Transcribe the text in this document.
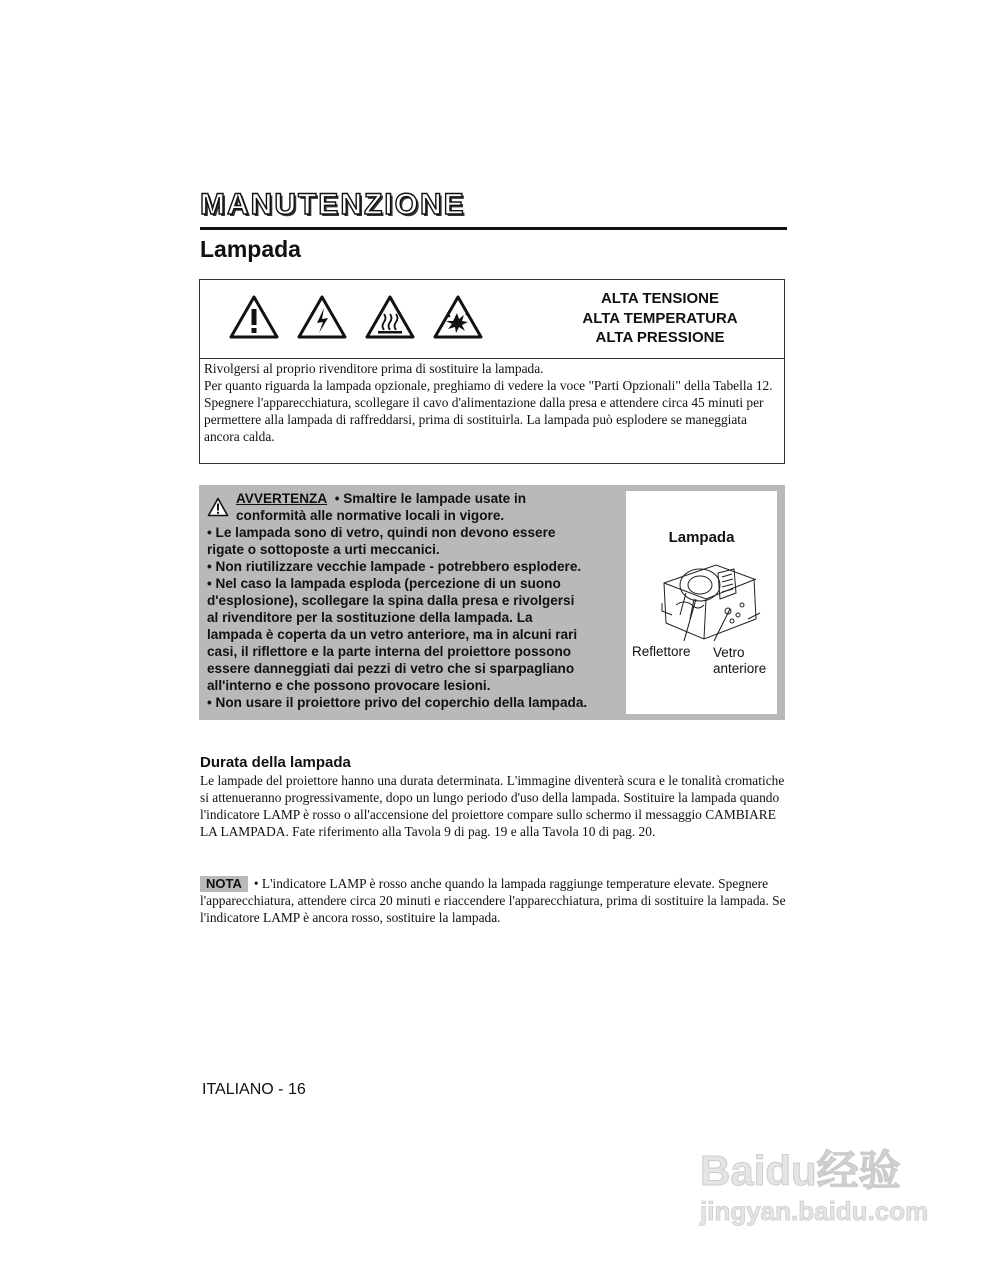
MANUTENZIONE
Lampada
ALTA TENSIONE
ALTA TEMPERATURA
ALTA PRESSIONE
Rivolgersi al proprio rivenditore prima di sostituire la lampada.
Per quanto riguarda la lampada opzionale, preghiamo di vedere la voce "Parti Opzionali" della Tabella 12.
Spegnere l'apparecchiatura, scollegare il cavo d'alimentazione dalla presa e attendere circa 45 minuti per permettere alla lampada di raffreddarsi, prima di sostituirla. La lampada può esplodere se maneggiata ancora calda.
AVVERTENZA • Smaltire le lampade usate in
conformità alle normative locali in vigore.
• Le lampada sono di vetro, quindi non devono essere
rigate o sottoposte a urti meccanici.
• Non riutilizzare vecchie lampade - potrebbero esplodere.
• Nel caso la lampada esploda (percezione di un suono
d'esplosione), scollegare la spina dalla presa e rivolgersi
al rivenditore per la sostituzione della lampada. La
lampada è coperta da un vetro anteriore, ma in alcuni rari
casi, il riflettore e la parte interna del proiettore possono
essere danneggiati dai pezzi di vetro che si sparpagliano
all'interno e che possono provocare lesioni.
• Non usare il proiettore privo del coperchio della lampada.
Lampada
Reflettore Vetro
anteriore
Durata della lampada
Le lampade del proiettore hanno una durata determinata. L'immagine diventerà scura e le tonalità cromatiche si attenueranno progressivamente, dopo un lungo periodo d'uso della lampada. Sostituire la lampada quando l'indicatore LAMP è rosso o all'accensione del proiettore compare sullo schermo il messaggio CAMBIARE LA LAMPADA. Fate riferimento alla Tavola 9 di pag. 19 e alla Tavola 10 di pag. 20.
NOTA • L'indicatore LAMP è rosso anche quando la lampada raggiunge temperature elevate. Spegnere l'apparecchiatura, attendere circa 20 minuti e riaccendere l'apparecchiatura, prima di sostituire la lampada. Se l'indicatore LAMP è ancora rosso, sostituire la lampada.
ITALIANO - 16
Baidu经验
jingyan.baidu.com
